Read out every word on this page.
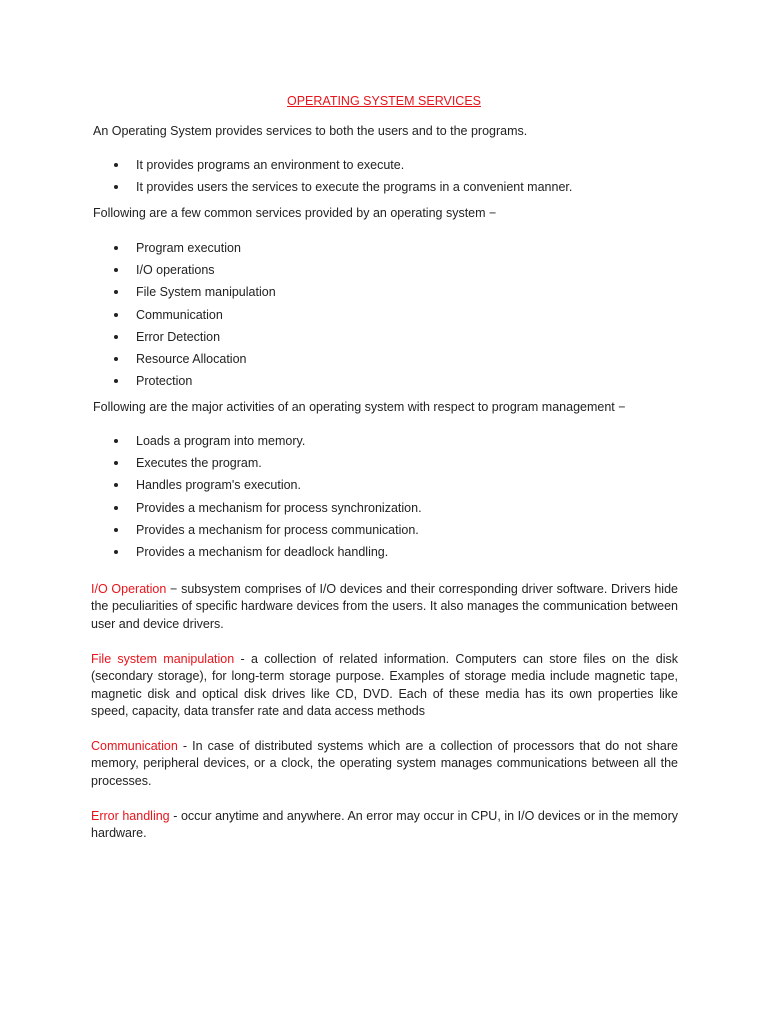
OPERATING SYSTEM SERVICES
An Operating System provides services to both the users and to the programs.
It provides programs an environment to execute.
It provides users the services to execute the programs in a convenient manner.
Following are a few common services provided by an operating system −
Program execution
I/O operations
File System manipulation
Communication
Error Detection
Resource Allocation
Protection
Following are the major activities of an operating system with respect to program management −
Loads a program into memory.
Executes the program.
Handles program's execution.
Provides a mechanism for process synchronization.
Provides a mechanism for process communication.
Provides a mechanism for deadlock handling.
I/O Operation − subsystem comprises of I/O devices and their corresponding driver software. Drivers hide the peculiarities of specific hardware devices from the users. It also manages the communication between user and device drivers.
File system manipulation - a collection of related information. Computers can store files on the disk (secondary storage), for long-term storage purpose. Examples of storage media include magnetic tape, magnetic disk and optical disk drives like CD, DVD. Each of these media has its own properties like speed, capacity, data transfer rate and data access methods
Communication - In case of distributed systems which are a collection of processors that do not share memory, peripheral devices, or a clock, the operating system manages communications between all the processes.
Error handling - occur anytime and anywhere. An error may occur in CPU, in I/O devices or in the memory hardware.
